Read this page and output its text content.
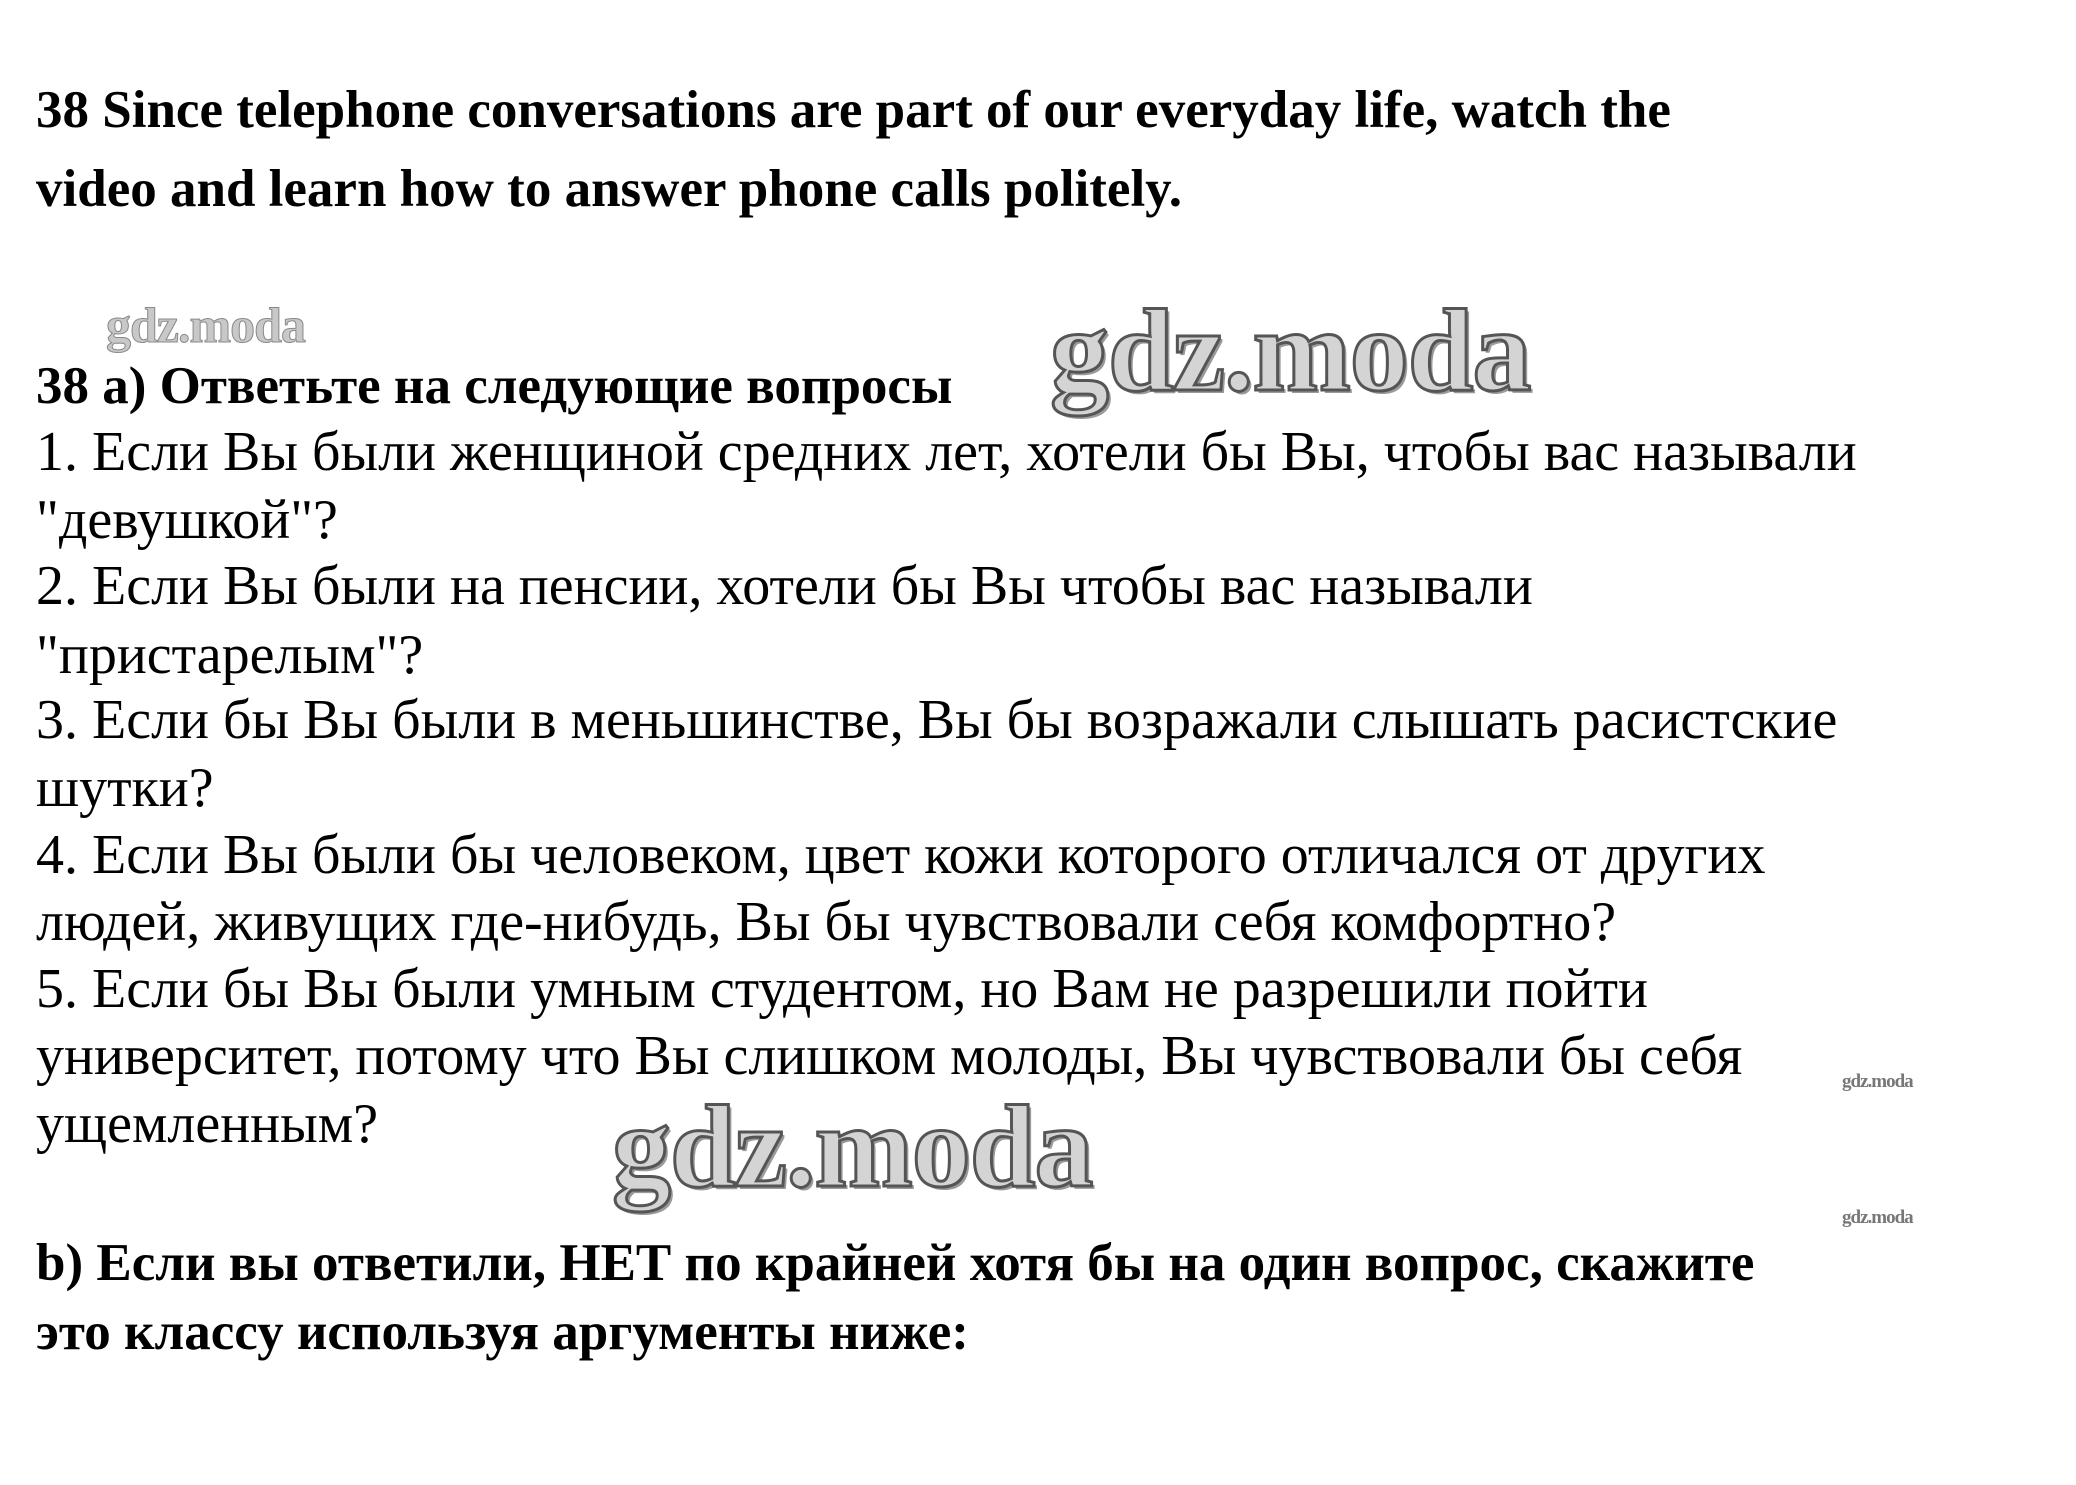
38 Since telephone conversations are part of our everyday life, watch the
video and learn how to answer phone calls politely.
gdz.moda
38 а) Ответьте на следующие вопросы gdz.moda
1. Если Вы были женщиной средних лет, хотели бы Вы, чтобы вас называли
"девушкой"?
2. Если Вы были на пенсии, хотели бы Вы чтобы вас называли
"пристарелым"?
3. Если бы Вы были в меньшинстве, Вы бы возражали слышать расистские
шутки?
4. Если Вы были бы человеком, цвет кожи которого отличался от других
людей, живущих где-нибудь, Вы бы чувствовали себя комфортно?
5. Если бы Вы были умным студентом, но Вам не разрешили пойти
университет, потому что Вы слишком молоды, Вы чувствовали бы себя
ущемленным?
gdz.moda
gdz.moda
gdz.moda
b) Если вы ответили, НЕТ по крайней хотя бы на один вопрос, скажите
это классу используя аргументы ниже:
